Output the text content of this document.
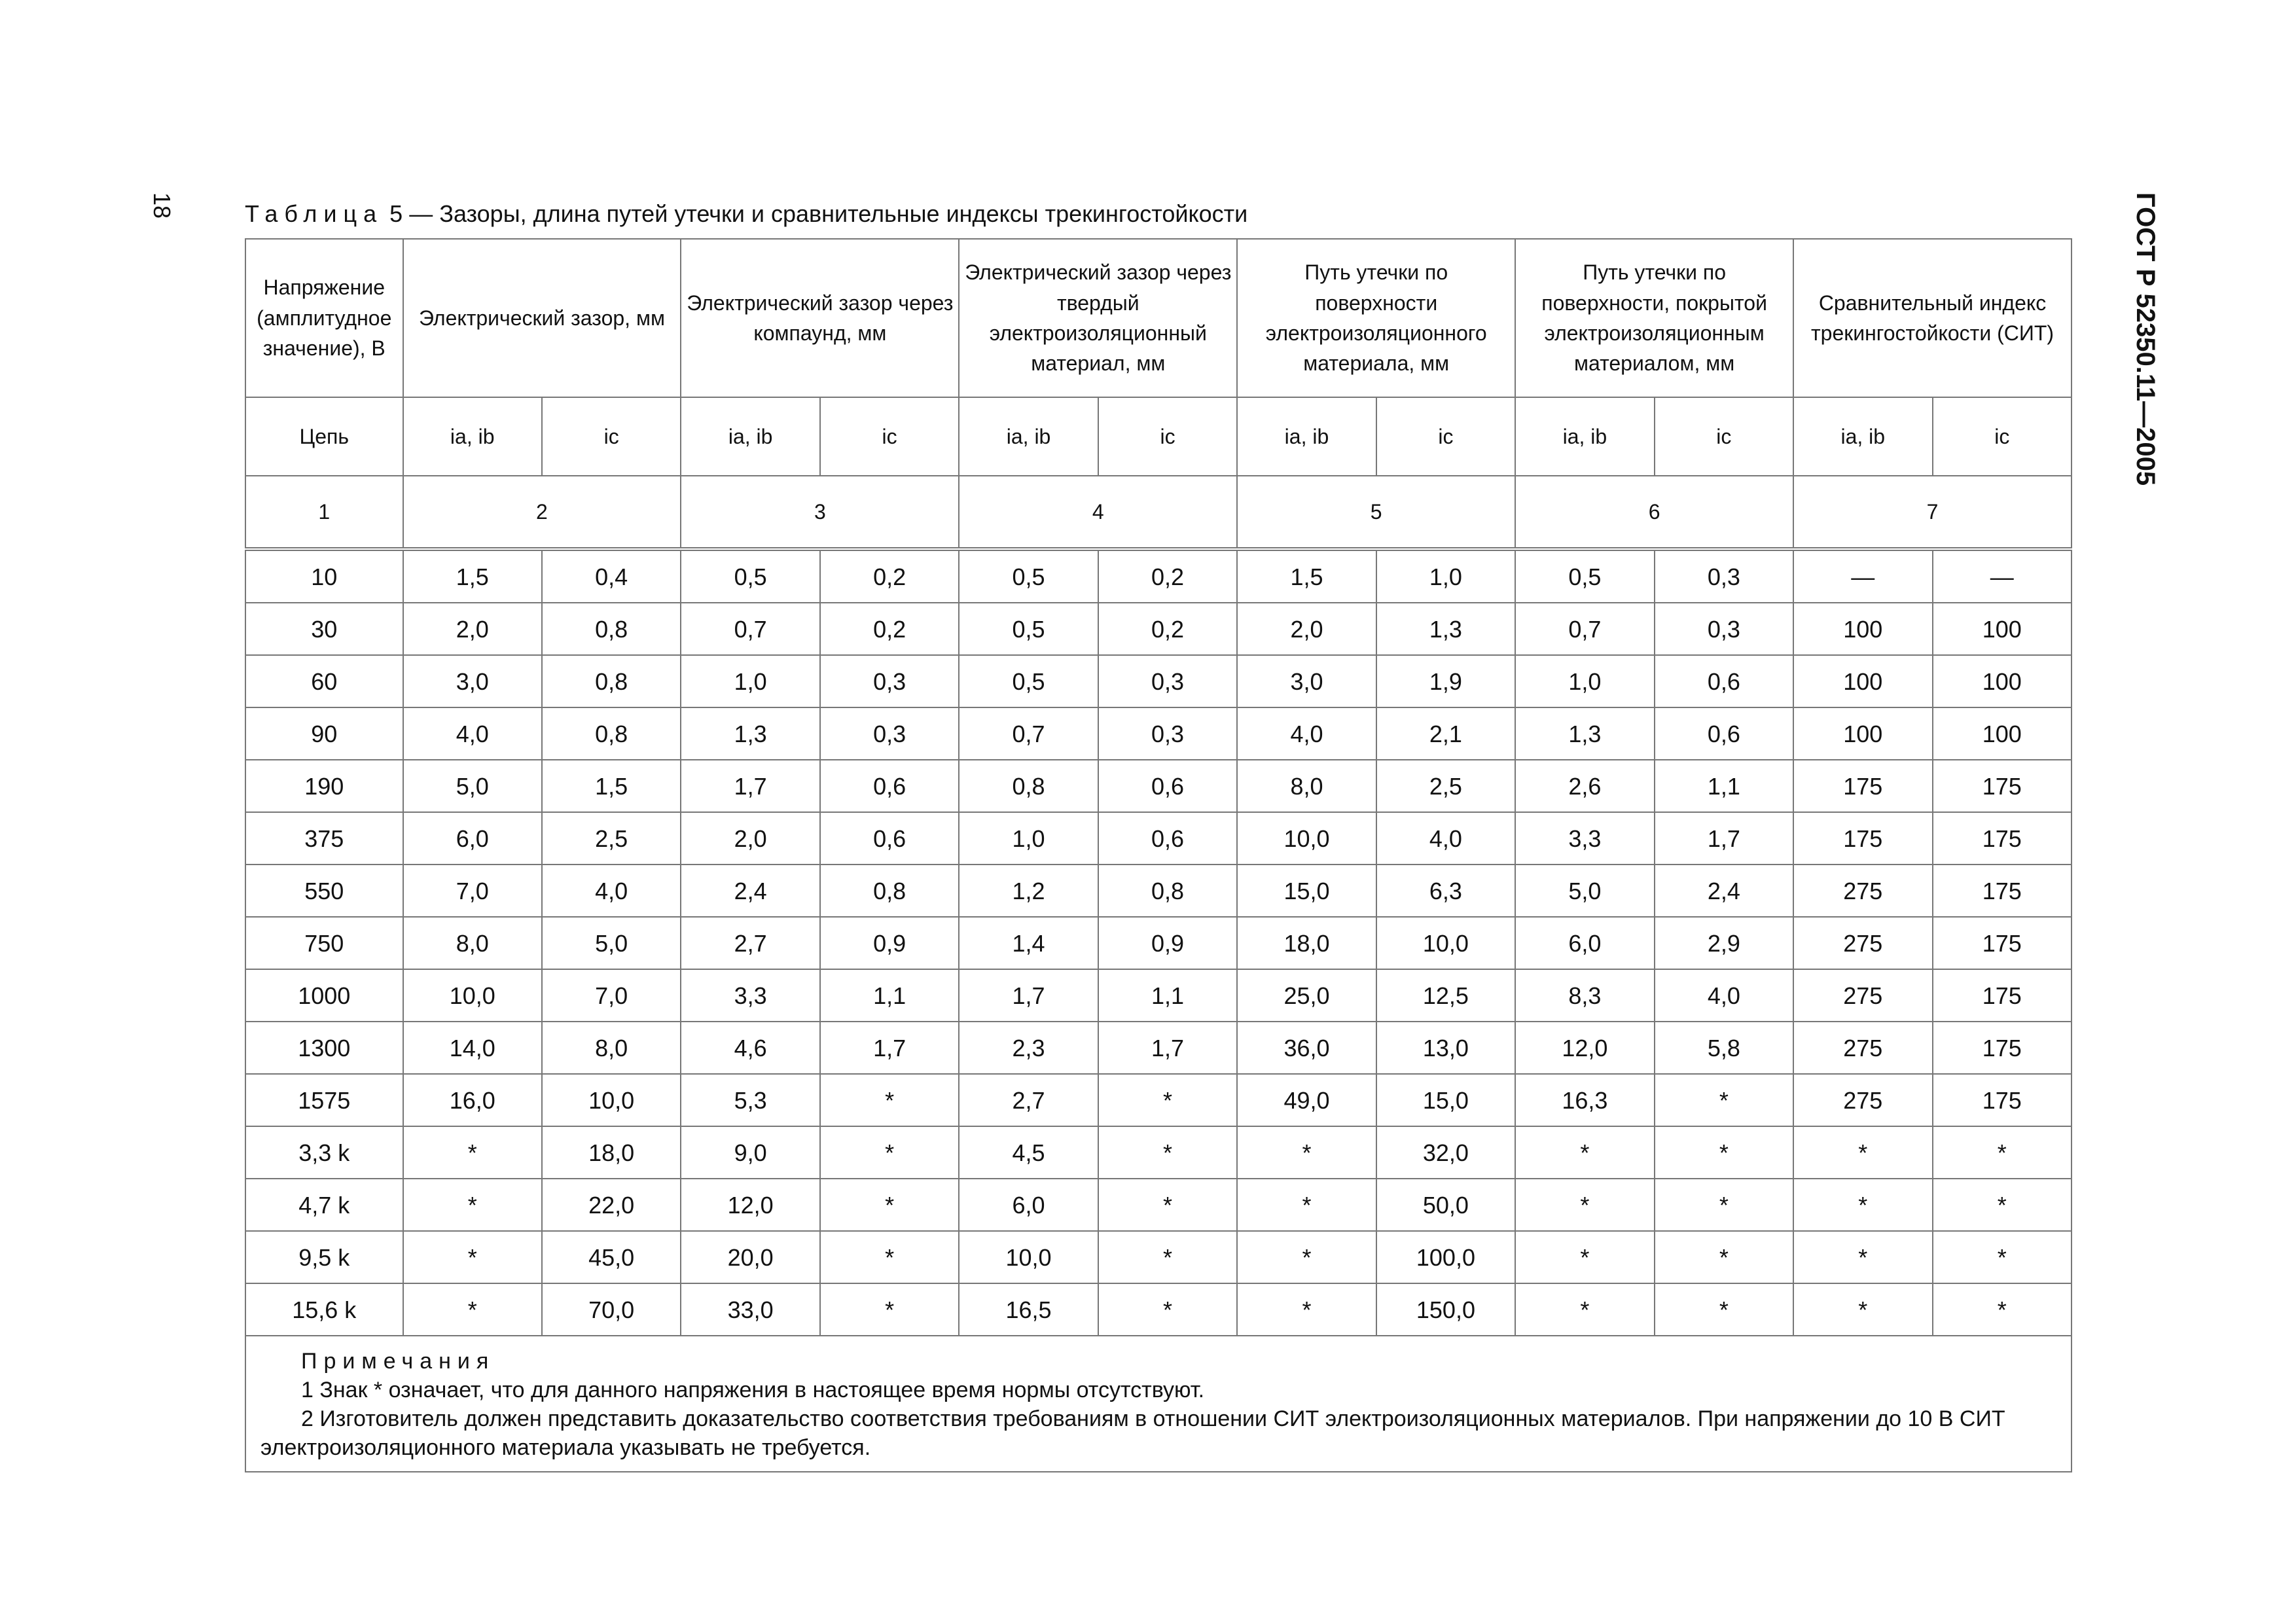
18	ГОСТ Р 52350.11—2005
Таблица 5 — Зазоры, длина путей утечки и сравнительные индексы трекингостойкости
Напряжение (амплитудное значение), В	Электрический зазор, мм		Электрический зазор через компаунд, мм		Электрический зазор через твердый электроизоляционный материал, мм		Путь утечки по поверхности электроизоляционного материала, мм		Путь утечки по поверхности, покрытой электроизоляционным материалом, мм		Сравнительный индекс трекингостойкости (СИТ)	
Цепь	ia, ib	ic	ia, ib	ic	ia, ib	ic	ia, ib	ic	ia, ib	ic	ia, ib	ic
1	2		3		4		5		6		7	
10	1,5	0,4	0,5	0,2	0,5	0,2	1,5	1,0	0,5	0,3	—	—
30	2,0	0,8	0,7	0,2	0,5	0,2	2,0	1,3	0,7	0,3	100	100
60	3,0	0,8	1,0	0,3	0,5	0,3	3,0	1,9	1,0	0,6	100	100
90	4,0	0,8	1,3	0,3	0,7	0,3	4,0	2,1	1,3	0,6	100	100
190	5,0	1,5	1,7	0,6	0,8	0,6	8,0	2,5	2,6	1,1	175	175
375	6,0	2,5	2,0	0,6	1,0	0,6	10,0	4,0	3,3	1,7	175	175
550	7,0	4,0	2,4	0,8	1,2	0,8	15,0	6,3	5,0	2,4	275	175
750	8,0	5,0	2,7	0,9	1,4	0,9	18,0	10,0	6,0	2,9	275	175
1000	10,0	7,0	3,3	1,1	1,7	1,1	25,0	12,5	8,3	4,0	275	175
1300	14,0	8,0	4,6	1,7	2,3	1,7	36,0	13,0	12,0	5,8	275	175
1575	16,0	10,0	5,3	*	2,7	*	49,0	15,0	16,3	*	275	175
3,3 k	*	18,0	9,0	*	4,5	*	*	32,0	*	*	*	*
4,7 k	*	22,0	12,0	*	6,0	*	*	50,0	*	*	*	*
9,5 k	*	45,0	20,0	*	10,0	*	*	100,0	*	*	*	*
15,6 k	*	70,0	33,0	*	16,5	*	*	150,0	*	*	*	*

Примечания
1 Знак * означает, что для данного напряжения в настоящее время нормы отсутствуют.
2 Изготовитель должен представить доказательство соответствия требованиям в отношении СИТ электроизоляционных материалов. При напряжении до 10 В СИТ электроизоляционного материала указывать не требуется.												
